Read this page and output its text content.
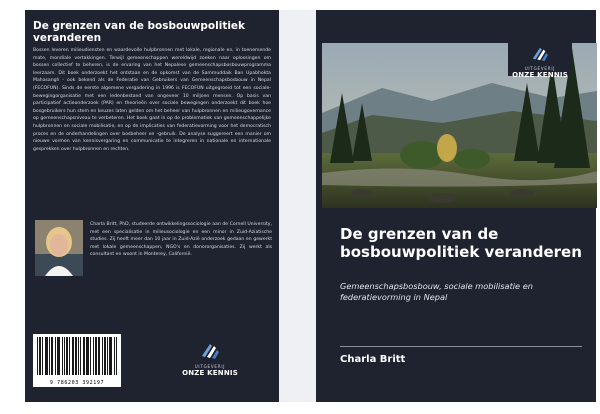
De grenzen van de bosbouwpolitiek veranderen
Bossen leveren milieudiensten en waardevolle hulpbronnen met lokale, regionale en, in toenemende mate, mondiale vertakkingen. Terwijl gemeenschappen wereldwijd zoeken naar oplossingen om bossen collectief te beheren, is de ervaring van het Nepalese gemeenschapsbosbouwprogramma leerzaam. Dit boek onderzoekt het ontstaan en de opkomst van de Sammuddaik Ban Upabhokta Mahasangh - ook bekend als de Federatie van Gebruikers van Gemeenschapsbosbouw in Nepal (FECOFUN). Sinds de eerste algemene vergadering in 1996 is FECOFUN uitgegroeid tot een sociale-bewegingorganisatie met een ledenbestand van ongeveer 10 miljoen mensen. Op basis van participatief actieonderzoek (PAR) en theorieën over sociale bewegingen onderzoekt dit boek hoe bosgebruikers hun stem en keuzes laten gelden om het beheer van hulpbronnen en milieugovernance op gemeenschapsniveau te verbeteren. Het boek gaat in op de problematiek van gemeenschappelijke hulpbronnen en sociale mobilisatie, en op de implicaties van federatievorming voor het democratisch proces en de onderhandelingen over bosbeheer en -gebruik. De analyse suggereert een manier om nieuwe vormen van kennisvergaring en communicatie te integreren in nationale en internationale gesprekken over hulpbronnen en rechten.
Charla Britt, PhD, studeerde ontwikkelingssociologie aan de Cornell University, met een specialisatie in milieusociologie en een minor in Zuid-Aziatische studies. Zij heeft meer dan 10 jaar in Zuid-Azië onderzoek gedaan en gewerkt met lokale gemeenschappen, NGO's en donororganisaties. Zij werkt als consultant en woont in Monterey, Californië.
9 786203 392197
UITGEVERIJ
ONZE KENNIS
UITGEVERIJ
ONZE KENNIS
De grenzen van de bosbouwpolitiek veranderen
Gemeenschapsbosbouw, sociale mobilisatie en federatievorming in Nepal
Charla Britt
